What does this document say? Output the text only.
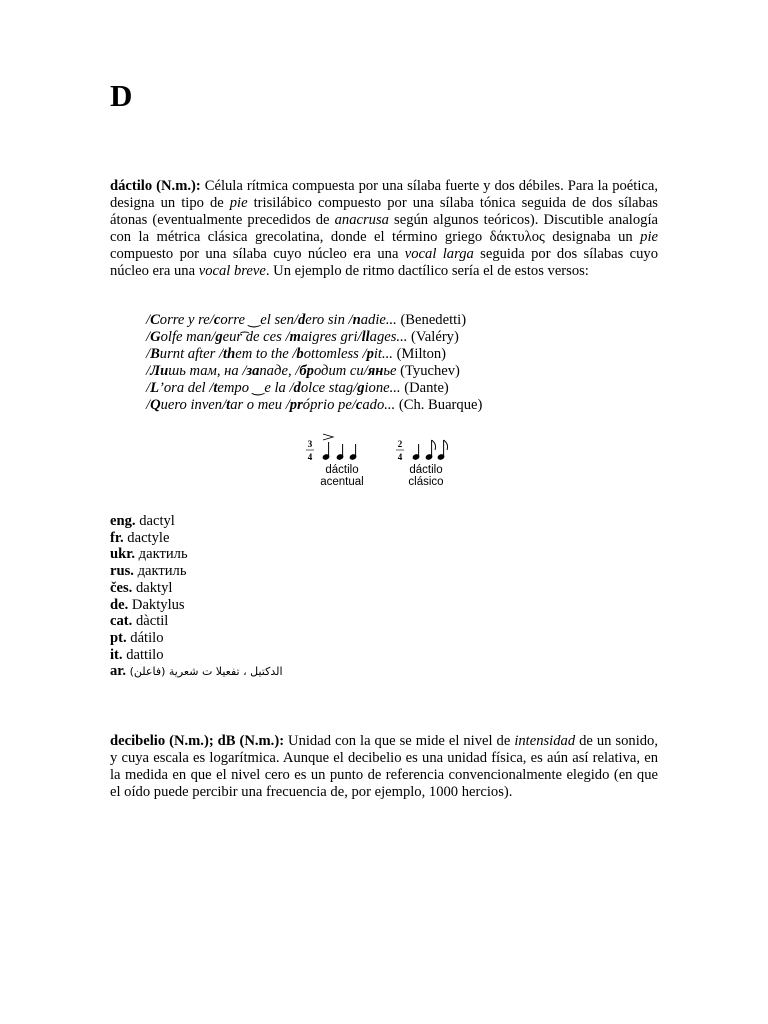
D
dáctilo (N.m.): Célula rítmica compuesta por una sílaba fuerte y dos débiles. Para la poética, designa un tipo de pie trisilábico compuesto por una sílaba tónica seguida de dos sílabas átonas (eventualmente precedidos de anacrusa según algunos teóricos). Discutible analogía con la métrica clásica grecolatina, donde el término griego δάκτυλος designaba un pie compuesto por una sílaba cuyo núcleo era una vocal larga seguida por dos sílabas cuyo núcleo era una vocal breve. Un ejemplo de ritmo dactílico sería el de estos versos:
/Corre y re/corre ‿el sen/dero sin /nadie... (Benedetti)
/Golfe man/geur͡ de ces /maigres gri/llages... (Valéry)
/Burnt after /them to the /bottomless /pit... (Milton)
/Лишь там, на /западе, /бродит си/янье (Tyuchev)
/L’ora del /tempo ‿e la /dolce stag/gione... (Dante)
/Quero inven/tar o meu /próprio pe/cado... (Ch. Buarque)
3
4
2
4
dáctilo
acentual
dáctilo
clásico
eng. dactyl
fr. dactyle
ukr. дактиль
rus. дактиль
čes. daktyl
de. Daktylus
cat. dàctil
pt. dátilo
it. dattilo
ar. (فاعلن) الدكتيل ، تفعيلا ت شعرية
decibelio (N.m.); dB (N.m.): Unidad con la que se mide el nivel de intensidad de un sonido, y cuya escala es logarítmica. Aunque el decibelio es una unidad física, es aún así relativa, en la medida en que el nivel cero es un punto de referencia convencionalmente elegido (en que el oído puede percibir una frecuencia de, por ejemplo, 1000 hercios).
